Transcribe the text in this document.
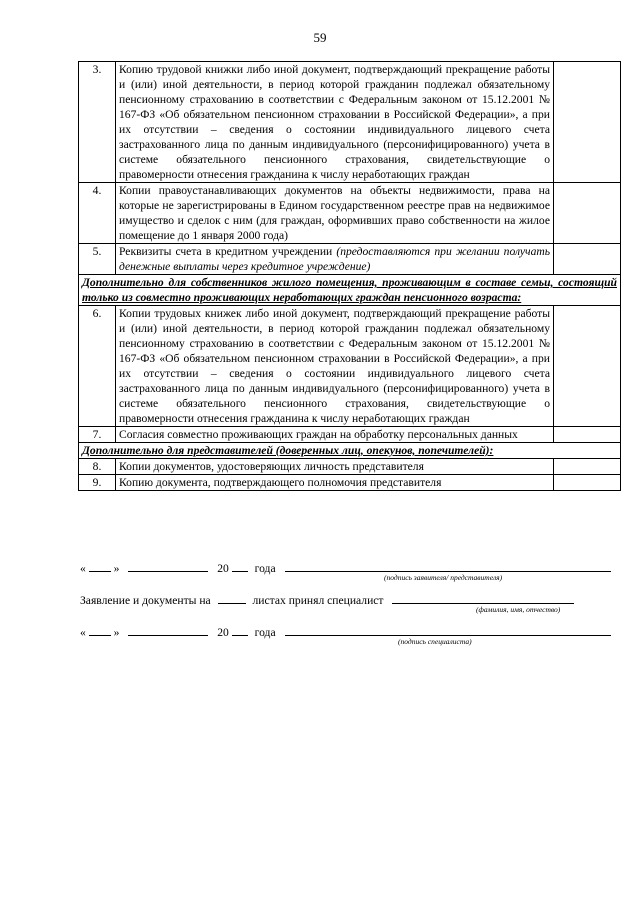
59
3.	Копию трудовой книжки либо иной документ, подтверждающий прекращение работы и (или) иной деятельности, в период которой гражданин подлежал обязательному пенсионному страхованию в соответствии с Федеральным законом от 15.12.2001 № 167-ФЗ «Об обязательном пенсионном страховании в Российской Федерации», а при их отсутствии – сведения о состоянии индивидуального лицевого счета застрахованного лица по данным индивидуального (персонифицированного) учета в системе обязательного пенсионного страхования, свидетельствующие о правомерности отнесения гражданина к числу неработающих граждан	
4.	Копии правоустанавливающих документов на объекты недвижимости, права на которые не зарегистрированы в Едином государственном реестре прав на недвижимое имущество и сделок с ним (для граждан, оформивших право собственности на жилое помещение до 1 января 2000 года)	
5.	Реквизиты счета в кредитном учреждении (предоставляются при желании получать денежные выплаты через кредитное учреждение)	
Дополнительно для собственников жилого помещения, проживающим в составе семьи, состоящий только из совместно проживающих неработающих граждан пенсионного возраста:		
6.	Копии трудовых книжек либо иной документ, подтверждающий прекращение работы и (или) иной деятельности, в период которой гражданин подлежал обязательному пенсионному страхованию в соответствии с Федеральным законом от 15.12.2001 № 167-ФЗ «Об обязательном пенсионном страховании в Российской Федерации», а при их отсутствии – сведения о состоянии индивидуального лицевого счета застрахованного лица по данным индивидуального (персонифицированного) учета в системе обязательного пенсионного страхования, свидетельствующие о правомерности отнесения гражданина к числу неработающих граждан	
7.	Согласия совместно проживающих граждан на обработку персональных данных	
Дополнительно для представителей (доверенных лиц, опекунов, попечителей):		
8.	Копии документов, удостоверяющих личность представителя	
9.	Копию документа, подтверждающего полномочия представителя	
« »	20 года
(подпись заявителя/ представителя)
Заявление и документы на	листах принял специалист
(фамилия, имя, отчество)
« »	20 года
(подпись специалиста)
